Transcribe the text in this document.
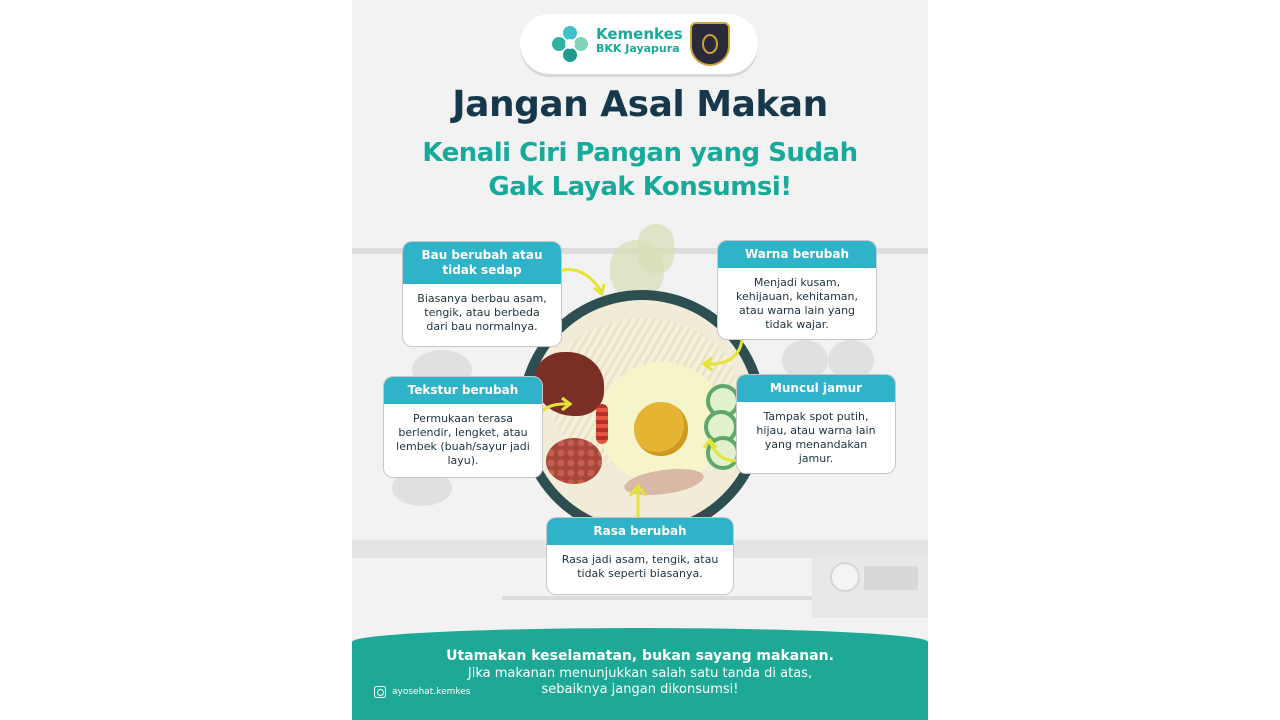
Kemenkes
BKK Jayapura
Jangan Asal Makan
Kenali Ciri Pangan yang Sudah
Gak Layak Konsumsi!
Bau berubah atau tidak sedap
Biasanya berbau asam, tengik, atau berbeda dari bau normalnya.
Warna berubah
Menjadi kusam, kehijauan, kehitaman, atau warna lain yang tidak wajar.
Tekstur berubah
Permukaan terasa berlendir, lengket, atau lembek (buah/sayur jadi layu).
Muncul jamur
Tampak spot putih, hijau, atau warna lain yang menandakan jamur.
Rasa berubah
Rasa jadi asam, tengik, atau tidak seperti biasanya.
Utamakan keselamatan, bukan sayang makanan.
Jika makanan menunjukkan salah satu tanda di atas,
sebaiknya jangan dikonsumsi!
ayosehat.kemkes
